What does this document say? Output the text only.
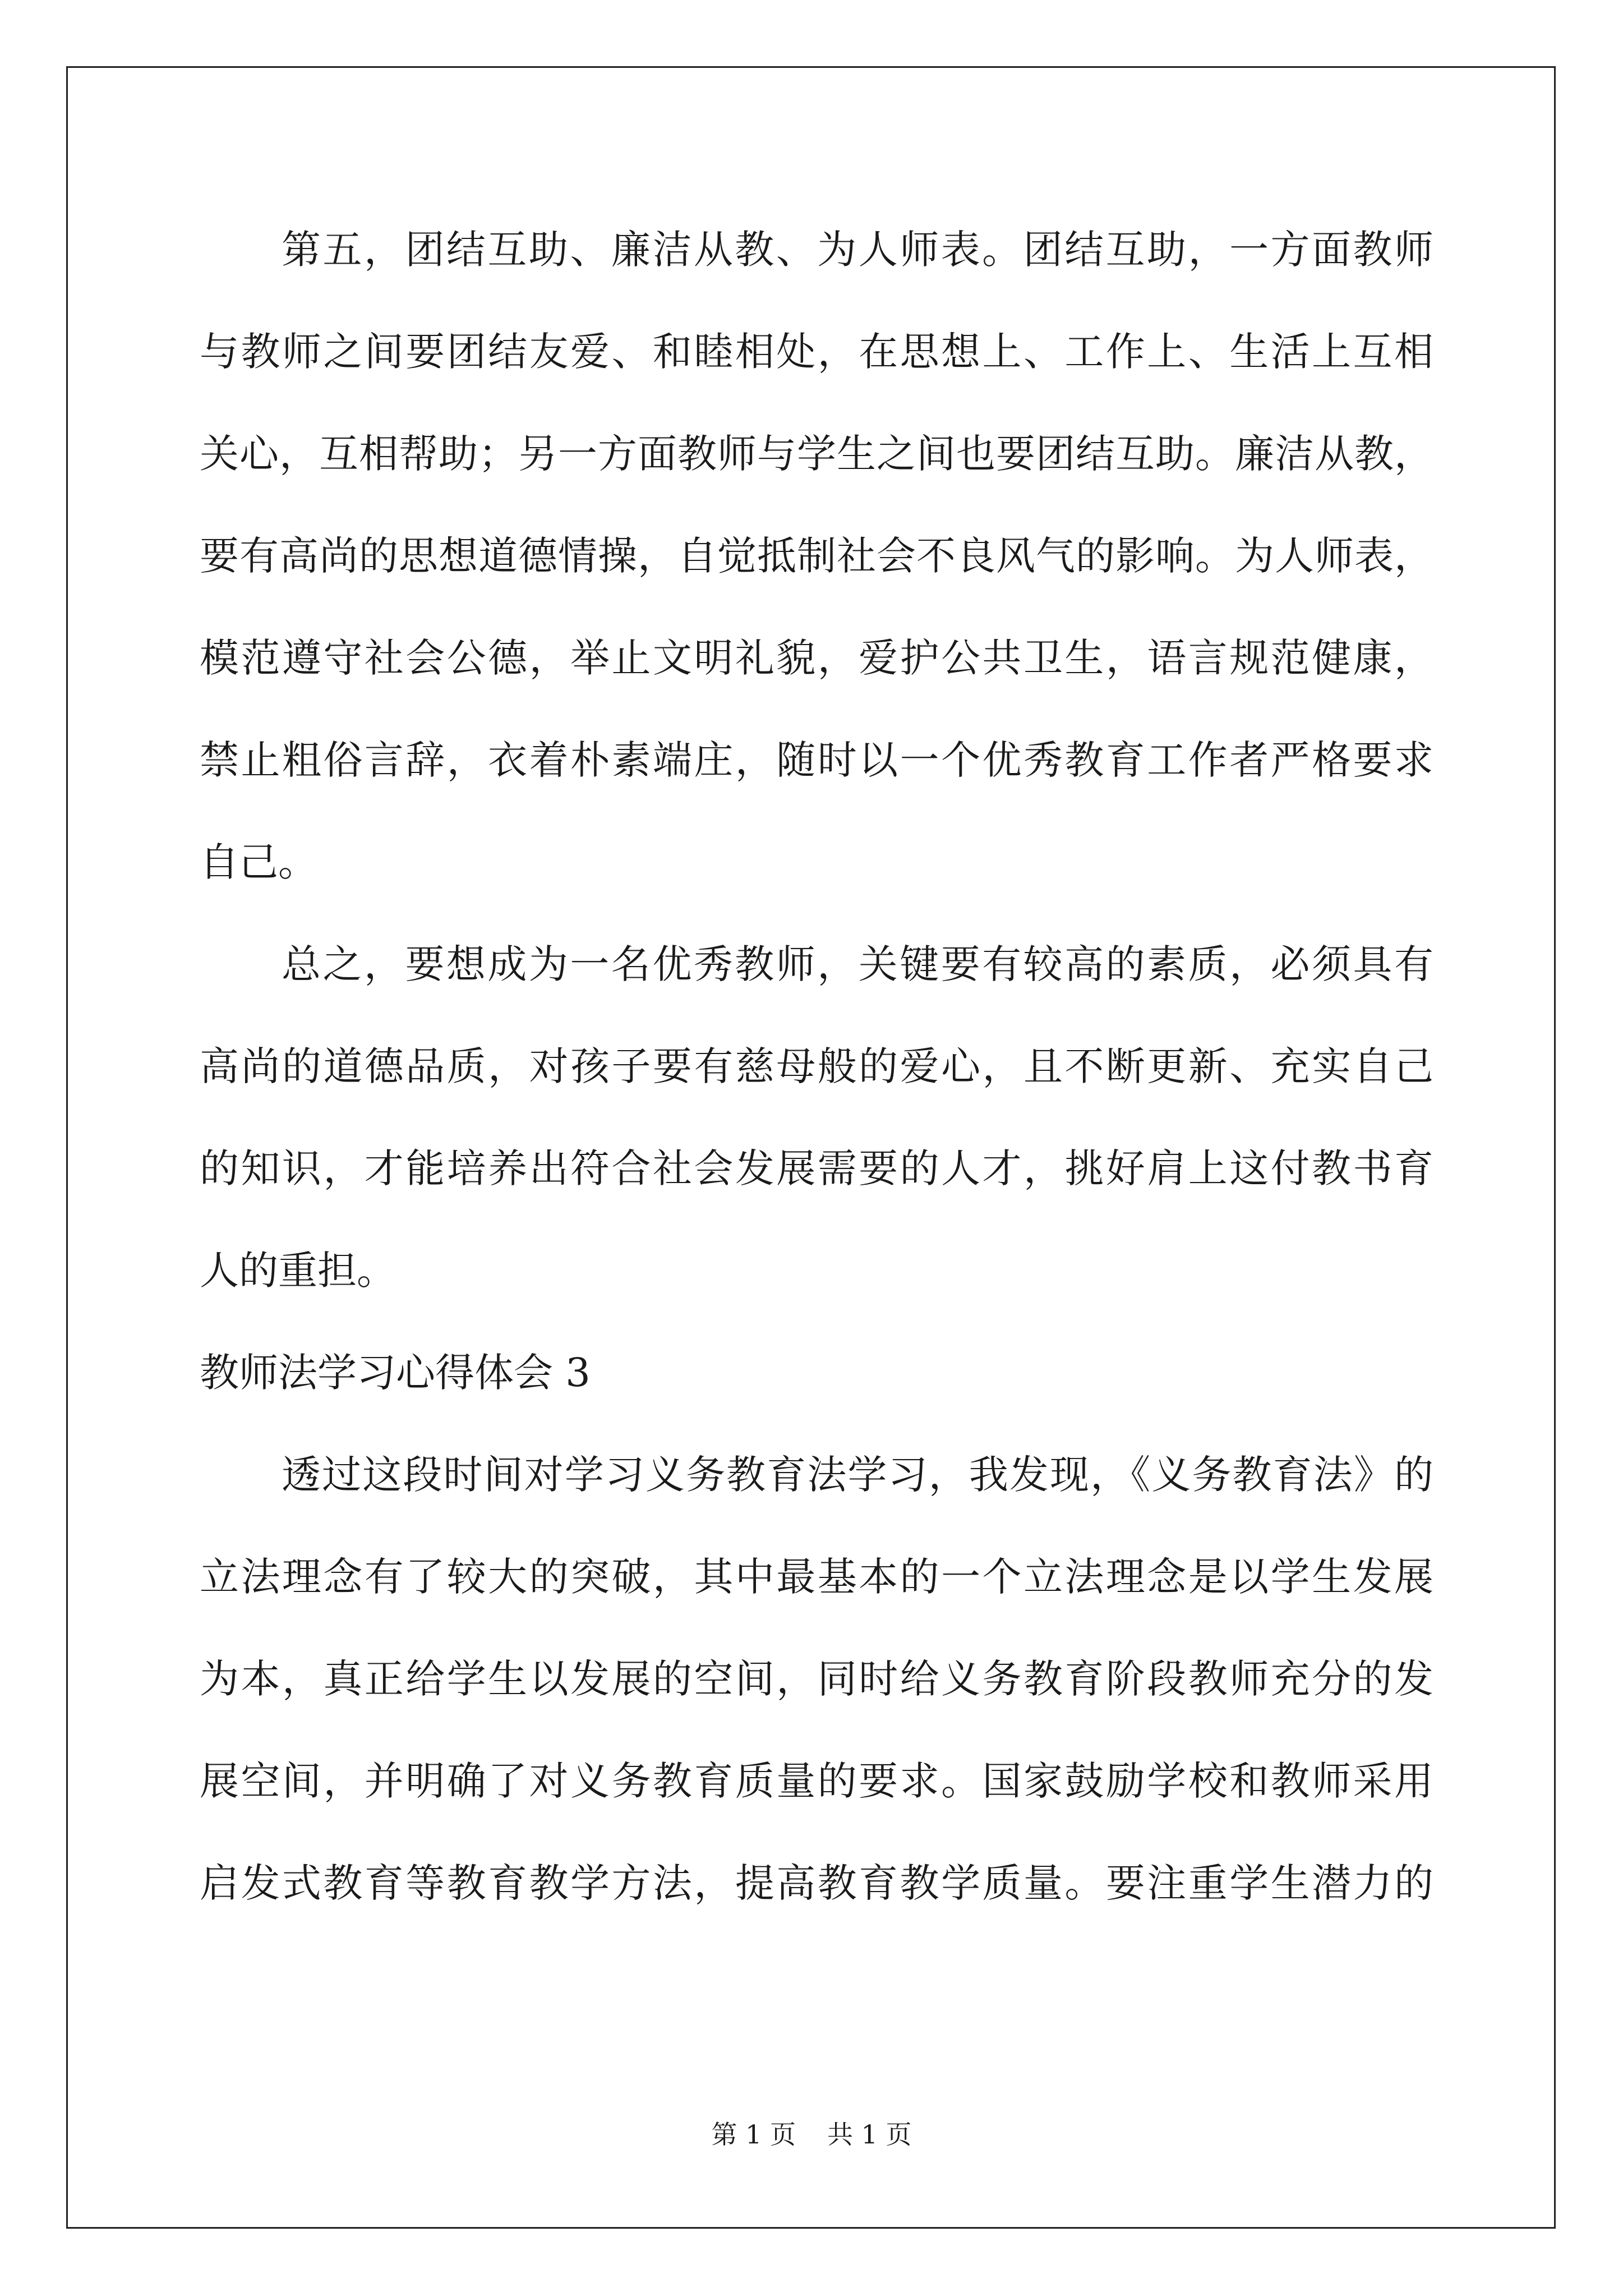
第五，团结互助、廉洁从教、为人师表。团结互助，一方面教师
与教师之间要团结友爱、和睦相处，在思想上、工作上、生活上互相
关心，互相帮助；另一方面教师与学生之间也要团结互助。廉洁从教，
要有高尚的思想道德情操，自觉抵制社会不良风气的影响。为人师表，
模范遵守社会公德，举止文明礼貌，爱护公共卫生，语言规范健康，
禁止粗俗言辞，衣着朴素端庄，随时以一个优秀教育工作者严格要求
自己。
总之，要想成为一名优秀教师，关键要有较高的素质，必须具有
高尚的道德品质，对孩子要有慈母般的爱心，且不断更新、充实自己
的知识，才能培养出符合社会发展需要的人才，挑好肩上这付教书育
人的重担。
教师法学习心得体会 3
透过这段时间对学习义务教育法学习，我发现，《义务教育法》的
立法理念有了较大的突破，其中最基本的一个立法理念是以学生发展
为本，真正给学生以发展的空间，同时给义务教育阶段教师充分的发
展空间，并明确了对义务教育质量的要求。国家鼓励学校和教师采用
启发式教育等教育教学方法，提高教育教学质量。要注重学生潜力的
第 1 页 共 1 页
